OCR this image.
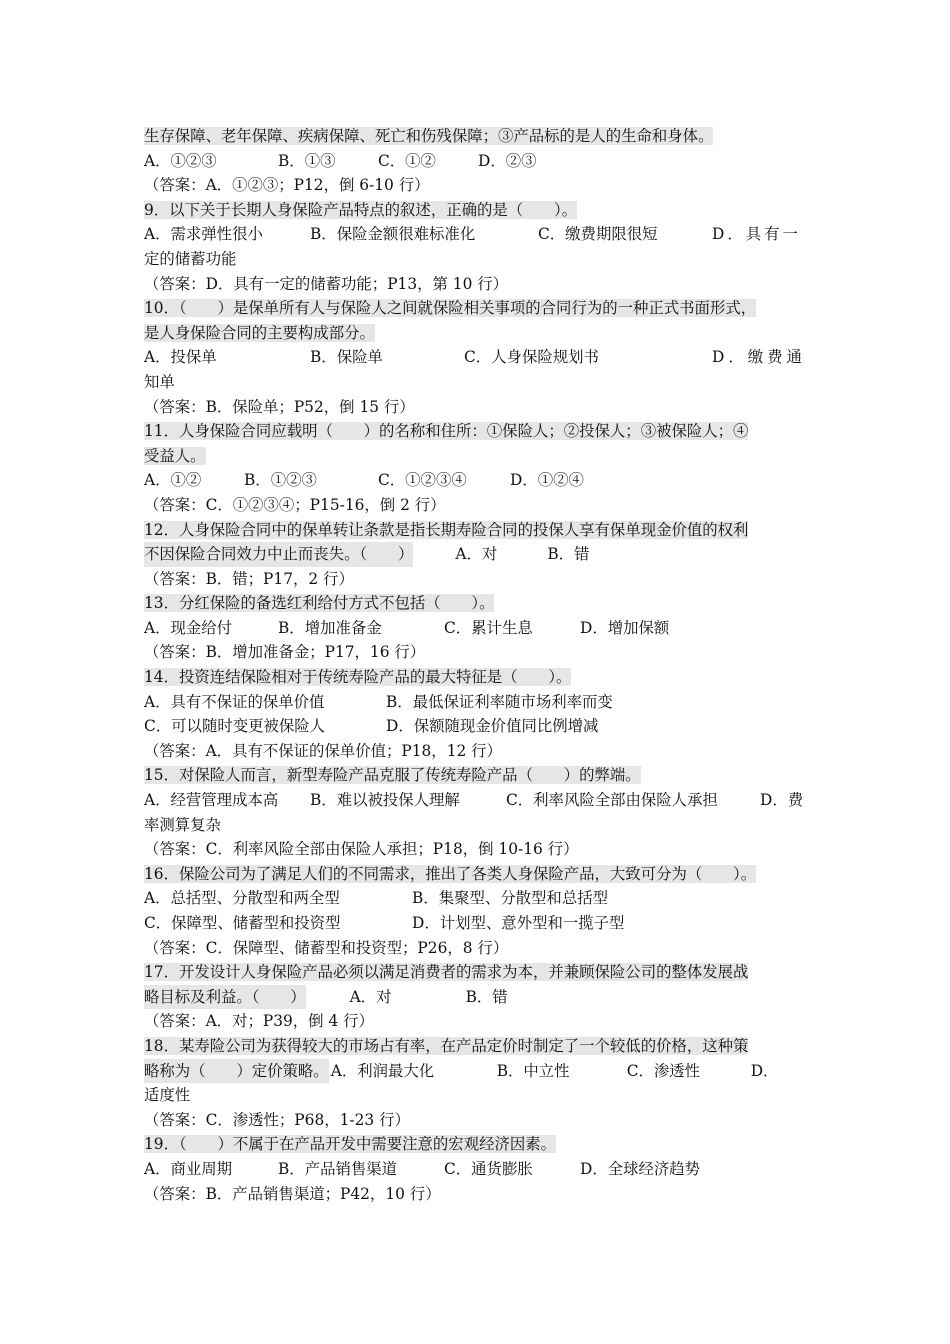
生存保障、老年保障、疾病保障、死亡和伤残保障；③产品标的是人的生命和身体。
A．①②③	B．①③	C．①②	D．②③
（答案：A．①②③；P12，倒 6-10 行）
9．以下关于长期人身保险产品特点的叙述，正确的是（　　）。
A．需求弹性很小	B．保险金额很难标准化	C．缴费期限很短	D．具有一
定的储蓄功能
（答案：D．具有一定的储蓄功能；P13，第 10 行）
10．（　　）是保单所有人与保险人之间就保险相关事项的合同行为的一种正式书面形式，
是人身保险合同的主要构成部分。
A．投保单	B．保险单	C．人身保险规划书	D．缴费通
知单
（答案：B．保险单；P52，倒 15 行）
11．人身保险合同应载明（　　）的名称和住所：①保险人；②投保人；③被保险人；④
受益人。
A．①②	B．①②③	C．①②③④	D．①②④
（答案：C．①②③④；P15-16，倒 2 行）
12．人身保险合同中的保单转让条款是指长期寿险合同的投保人享有保单现金价值的权利
不因保险合同效力中止而丧失。（　　）	A．对	B．错
（答案：B．错；P17，2 行）
13．分红保险的备选红利给付方式不包括（　　）。
A．现金给付	B．增加准备金	C．累计生息	D．增加保额
（答案：B．增加准备金；P17，16 行）
14．投资连结保险相对于传统寿险产品的最大特征是（　　）。
A．具有不保证的保单价值	B．最低保证利率随市场利率而变
C．可以随时变更被保险人	D．保额随现金价值同比例增减
（答案：A．具有不保证的保单价值；P18，12 行）
15．对保险人而言，新型寿险产品克服了传统寿险产品（　　）的弊端。
A．经营管理成本高	B．难以被投保人理解	C．利率风险全部由保险人承担	D．费
率测算复杂
（答案：C．利率风险全部由保险人承担；P18，倒 10-16 行）
16．保险公司为了满足人们的不同需求，推出了各类人身保险产品，大致可分为（　　）。
A．总括型、分散型和两全型	B．集聚型、分散型和总括型
C．保障型、储蓄型和投资型	D．计划型、意外型和一揽子型
（答案：C．保障型、储蓄型和投资型；P26，8 行）
17．开发设计人身保险产品必须以满足消费者的需求为本，并兼顾保险公司的整体发展战
略目标及利益。（　　）	A．对	B．错
（答案：A．对；P39，倒 4 行）
18．某寿险公司为获得较大的市场占有率，在产品定价时制定了一个较低的价格，这种策
略称为（　　）定价策略。 A．利润最大化	B．中立性	C．渗透性	D．
适度性
（答案：C．渗透性；P68，1-23 行）
19．（　　）不属于在产品开发中需要注意的宏观经济因素。
A．商业周期	B．产品销售渠道	C．通货膨胀	D．全球经济趋势
（答案：B．产品销售渠道；P42，10 行）
